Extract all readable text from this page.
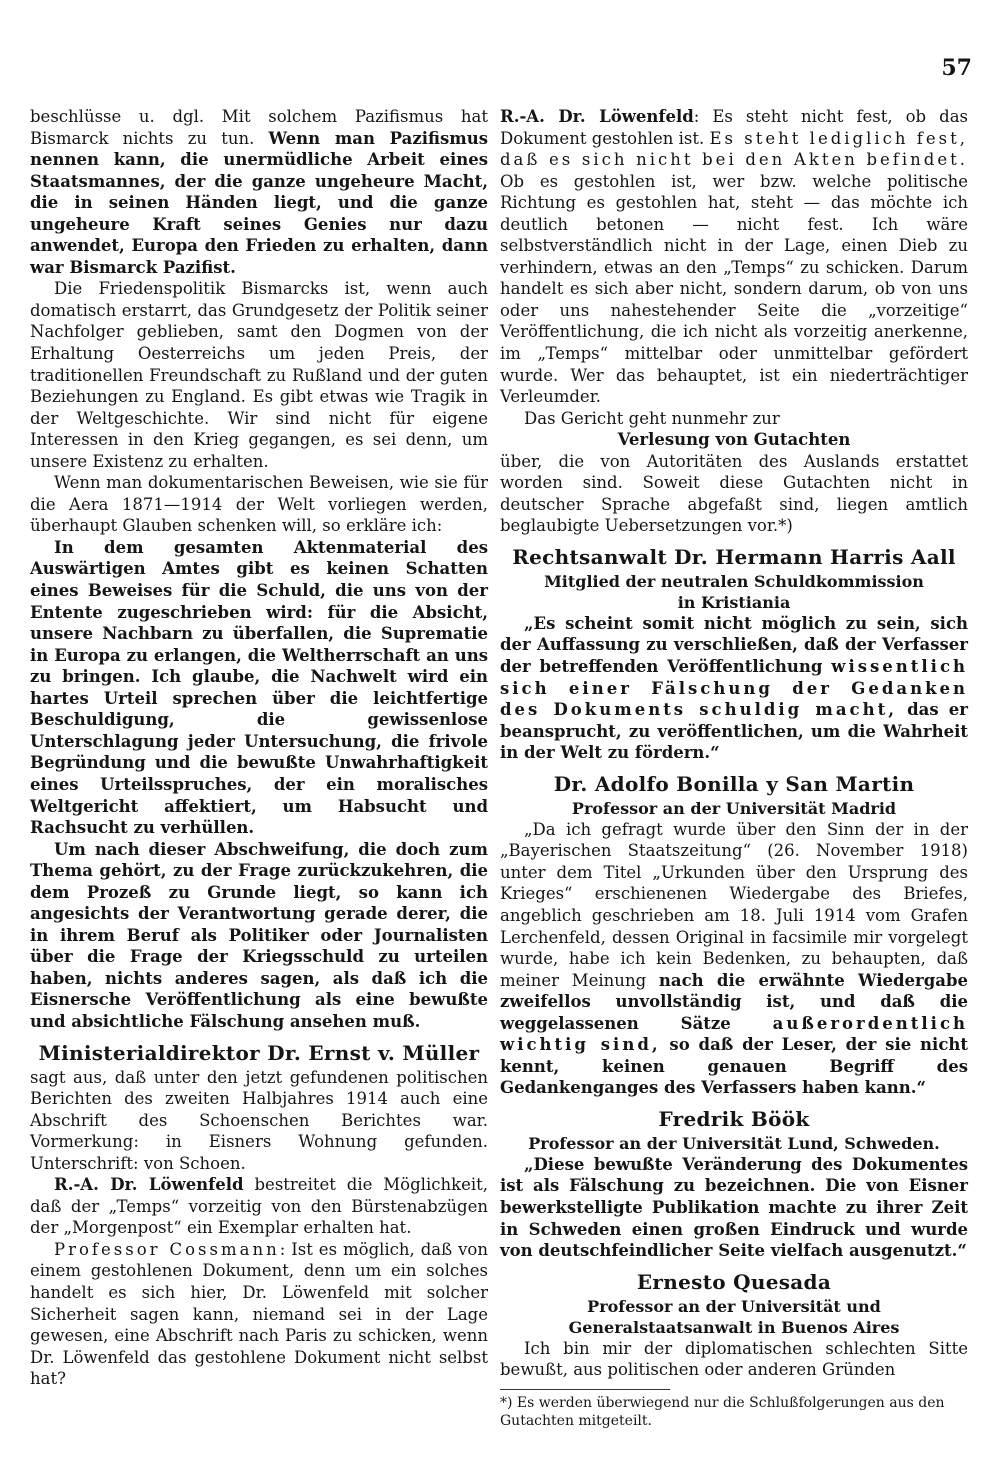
57

beschlüsse u. dgl. Mit solchem Pazifismus hat Bismarck nichts zu tun. Wenn man Pazifismus nennen kann, die unermüdliche Arbeit eines Staatsmannes, der die ganze ungeheure Macht, die in seinen Händen liegt, und die ganze ungeheure Kraft seines Genies nur dazu anwendet, Europa den Frieden zu erhalten, dann war Bismarck Pazifist.

Die Friedenspolitik Bismarcks ist, wenn auch domatisch erstarrt, das Grundgesetz der Politik seiner Nachfolger geblieben, samt den Dogmen von der Erhaltung Oesterreichs um jeden Preis, der traditionellen Freundschaft zu Rußland und der guten Beziehungen zu England. Es gibt etwas wie Tragik in der Weltgeschichte. Wir sind nicht für eigene Interessen in den Krieg gegangen, es sei denn, um unsere Existenz zu erhalten.

Wenn man dokumentarischen Beweisen, wie sie für die Aera 1871—1914 der Welt vorliegen werden, überhaupt Glauben schenken will, so erkläre ich:

In dem gesamten Aktenmaterial des Auswärtigen Amtes gibt es keinen Schatten eines Beweises für die Schuld, die uns von der Entente zugeschrieben wird: für die Absicht, unsere Nachbarn zu überfallen, die Suprematie in Europa zu erlangen, die Weltherrschaft an uns zu bringen. Ich glaube, die Nachwelt wird ein hartes Urteil sprechen über die leichtfertige Beschuldigung, die gewissenlose Unterschlagung jeder Untersuchung, die frivole Begründung und die bewußte Unwahrhaftigkeit eines Urteilsspruches, der ein moralisches Weltgericht affektiert, um Habsucht und Rachsucht zu verhüllen.

Um nach dieser Abschweifung, die doch zum Thema gehört, zu der Frage zurückzukehren, die dem Prozeß zu Grunde liegt, so kann ich angesichts der Verantwortung gerade derer, die in ihrem Beruf als Politiker oder Journalisten über die Frage der Kriegsschuld zu urteilen haben, nichts anderes sagen, als daß ich die Eisnersche Veröffentlichung als eine bewußte und absichtliche Fälschung ansehen muß.

Ministerialdirektor Dr. Ernst v. Müller

sagt aus, daß unter den jetzt gefundenen politischen Berichten des zweiten Halbjahres 1914 auch eine Abschrift des Schoenschen Berichtes war. Vormerkung: in Eisners Wohnung gefunden. Unterschrift: von Schoen.

R.-A. Dr. Löwenfeld bestreitet die Möglichkeit, daß der „Temps“ vorzeitig von den Bürstenabzügen der „Morgenpost“ ein Exemplar erhalten hat.

Professor Cossmann: Ist es möglich, daß von einem gestohlenen Dokument, denn um ein solches handelt es sich hier, Dr. Löwenfeld mit solcher Sicherheit sagen kann, niemand sei in der Lage gewesen, eine Abschrift nach Paris zu schicken, wenn Dr. Löwenfeld das gestohlene Dokument nicht selbst hat?

R.-A. Dr. Löwenfeld: Es steht nicht fest, ob das Dokument gestohlen ist. Es steht lediglich fest, daß es sich nicht bei den Akten befindet. Ob es gestohlen ist, wer bzw. welche politische Richtung es gestohlen hat, steht — das möchte ich deutlich betonen — nicht fest. Ich wäre selbstverständlich nicht in der Lage, einen Dieb zu verhindern, etwas an den „Temps“ zu schicken. Darum handelt es sich aber nicht, sondern darum, ob von uns oder uns nahestehender Seite die „vorzeitige“ Veröffentlichung, die ich nicht als vorzeitig anerkenne, im „Temps“ mittelbar oder unmittelbar gefördert wurde. Wer das behauptet, ist ein niederträchtiger Verleumder.

Das Gericht geht nunmehr zur

Verlesung von Gutachten

über, die von Autoritäten des Auslands erstattet worden sind. Soweit diese Gutachten nicht in deutscher Sprache abgefaßt sind, liegen amtlich beglaubigte Uebersetzungen vor.*)

Rechtsanwalt Dr. Hermann Harris Aall
Mitglied der neutralen Schuldkommission
in Kristiania

„Es scheint somit nicht möglich zu sein, sich der Auffassung zu verschließen, daß der Verfasser der betreffenden Veröffentlichung wissentlich sich einer Fälschung der Gedanken des Dokuments schuldig macht, das er beansprucht, zu veröffentlichen, um die Wahrheit in der Welt zu fördern.“

Dr. Adolfo Bonilla y San Martin
Professor an der Universität Madrid

„Da ich gefragt wurde über den Sinn der in der „Bayerischen Staatszeitung“ (26. November 1918) unter dem Titel „Urkunden über den Ursprung des Krieges“ erschienenen Wiedergabe des Briefes, angeblich geschrieben am 18. Juli 1914 vom Grafen Lerchenfeld, dessen Original in facsimile mir vorgelegt wurde, habe ich kein Bedenken, zu behaupten, daß meiner Meinung nach die erwähnte Wiedergabe zweifellos unvollständig ist, und daß die weggelassenen Sätze außerordentlich wichtig sind, so daß der Leser, der sie nicht kennt, keinen genauen Begriff des Gedankenganges des Verfassers haben kann.“

Fredrik Böök
Professor an der Universität Lund, Schweden.

„Diese bewußte Veränderung des Dokumentes ist als Fälschung zu bezeichnen. Die von Eisner bewerkstelligte Publikation machte zu ihrer Zeit in Schweden einen großen Eindruck und wurde von deutschfeindlicher Seite vielfach ausgenutzt.“

Ernesto Quesada
Professor an der Universität und Generalstaatsanwalt in Buenos Aires

Ich bin mir der diplomatischen schlechten Sitte bewußt, aus politischen oder anderen Gründen

*) Es werden überwiegend nur die Schlußfolgerungen aus den Gutachten mitgeteilt.
